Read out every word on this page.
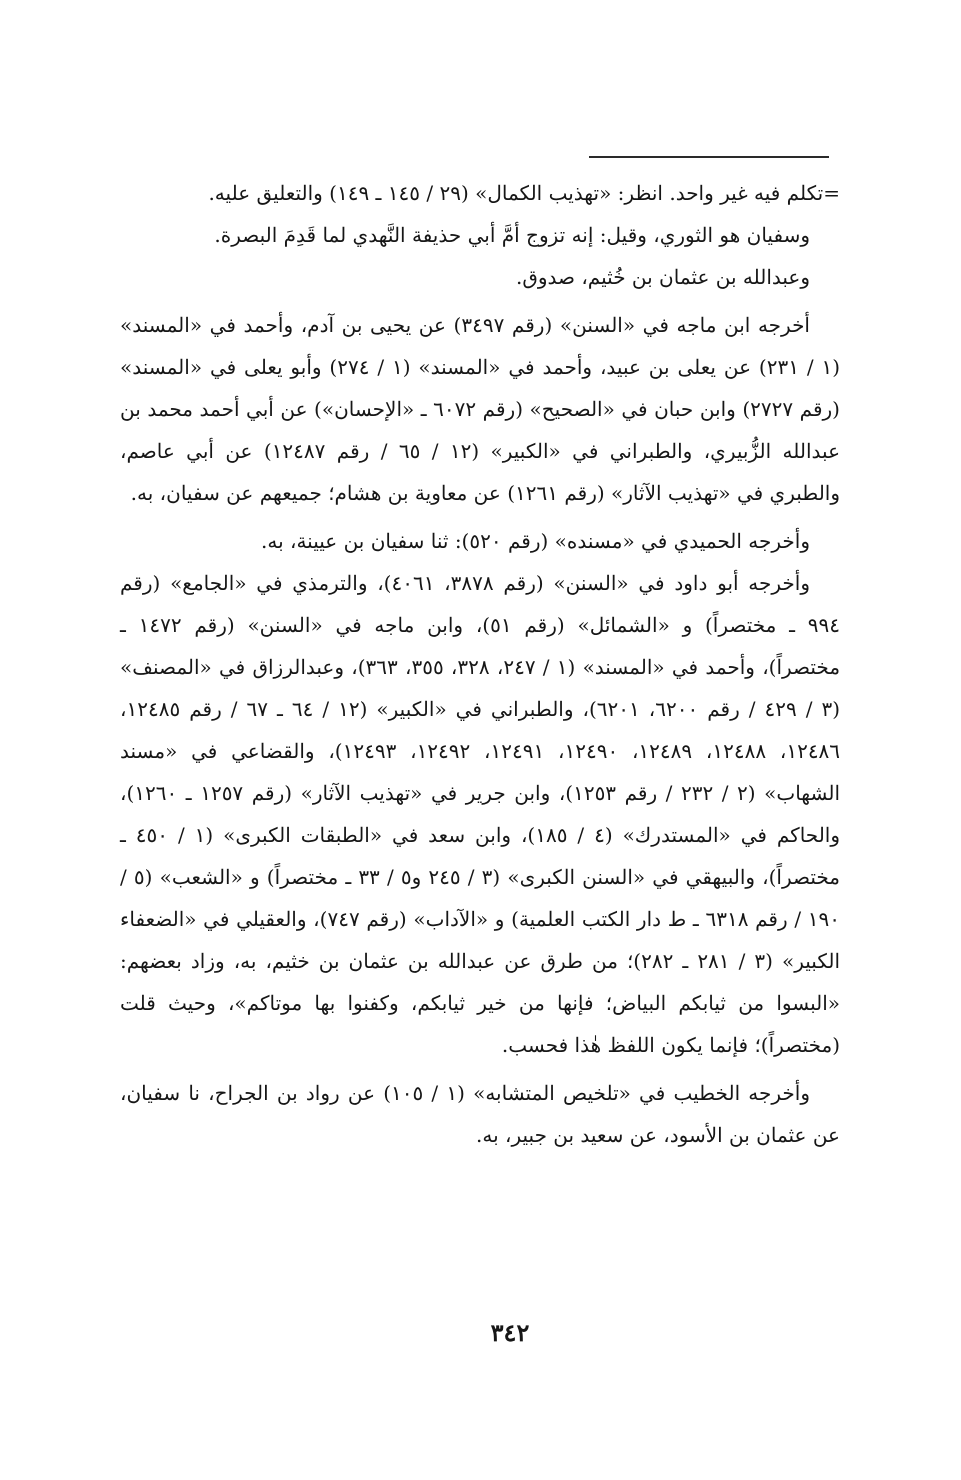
=تكلم فيه غير واحد. انظر: «تهذيب الكمال» (٢٩ / ١٤٥ ـ ١٤٩) والتعليق عليه.

وسفيان هو الثوري، وقيل: إنه تزوج أمَّ أبي حذيفة النَّهدي لما قَدِمَ البصرة.

وعبدالله بن عثمان بن خُثيم، صدوق.

أخرجه ابن ماجه في «السنن» (رقم ٣٤٩٧) عن يحيى بن آدم، وأحمد في «المسند» (١ / ٢٣١) عن يعلى بن عبيد، وأحمد في «المسند» (١ / ٢٧٤) وأبو يعلى في «المسند» (رقم ٢٧٢٧) وابن حبان في «الصحيح» (رقم ٦٠٧٢ ـ «الإحسان») عن أبي أحمد محمد بن عبدالله الزُّبيري، والطبراني في «الكبير» (١٢ / ٦٥ / رقم ١٢٤٨٧) عن أبي عاصم، والطبري في «تهذيب الآثار» (رقم ١٢٦١) عن معاوية بن هشام؛ جميعهم عن سفيان، به.

وأخرجه الحميدي في «مسنده» (رقم ٥٢٠): ثنا سفيان بن عيينة، به.

وأخرجه أبو داود في «السنن» (رقم ٣٨٧٨، ٤٠٦١)، والترمذي في «الجامع» (رقم ٩٩٤ ـ مختصراً) و «الشمائل» (رقم ٥١)، وابن ماجه في «السنن» (رقم ١٤٧٢ ـ مختصراً)، وأحمد في «المسند» (١ / ٢٤٧، ٣٢٨، ٣٥٥، ٣٦٣)، وعبدالرزاق في «المصنف» (٣ / ٤٢٩ / رقم ٦٢٠٠، ٦٢٠١)، والطبراني في «الكبير» (١٢ / ٦٤ ـ ٦٧ / رقم ١٢٤٨٥، ١٢٤٨٦، ١٢٤٨٨، ١٢٤٨٩، ١٢٤٩٠، ١٢٤٩١، ١٢٤٩٢، ١٢٤٩٣)، والقضاعي في «مسند الشهاب» (٢ / ٢٣٢ / رقم ١٢٥٣)، وابن جرير في «تهذيب الآثار» (رقم ١٢٥٧ ـ ١٢٦٠)، والحاكم في «المستدرك» (٤ / ١٨٥)، وابن سعد في «الطبقات الكبرى» (١ / ٤٥٠ ـ مختصراً)، والبيهقي في «السنن الكبرى» (٣ / ٢٤٥ و٥ / ٣٣ ـ مختصراً) و «الشعب» (٥ / ١٩٠ / رقم ٦٣١٨ ـ ط دار الكتب العلمية) و «الآداب» (رقم ٧٤٧)، والعقيلي في «الضعفاء الكبير» (٣ / ٢٨١ ـ ٢٨٢)؛ من طرق عن عبدالله بن عثمان بن خثيم، به، وزاد بعضهم: «البسوا من ثيابكم البياض؛ فإنها من خير ثيابكم، وكفنوا بها موتاكم»، وحيث قلت (مختصراً)؛ فإنما يكون اللفظ هٰذا فحسب.

وأخرجه الخطيب في «تلخيص المتشابه» (١ / ١٠٥) عن رواد بن الجراح، نا سفيان، عن عثمان بن الأسود، عن سعيد بن جبير، به.

٣٤٢
